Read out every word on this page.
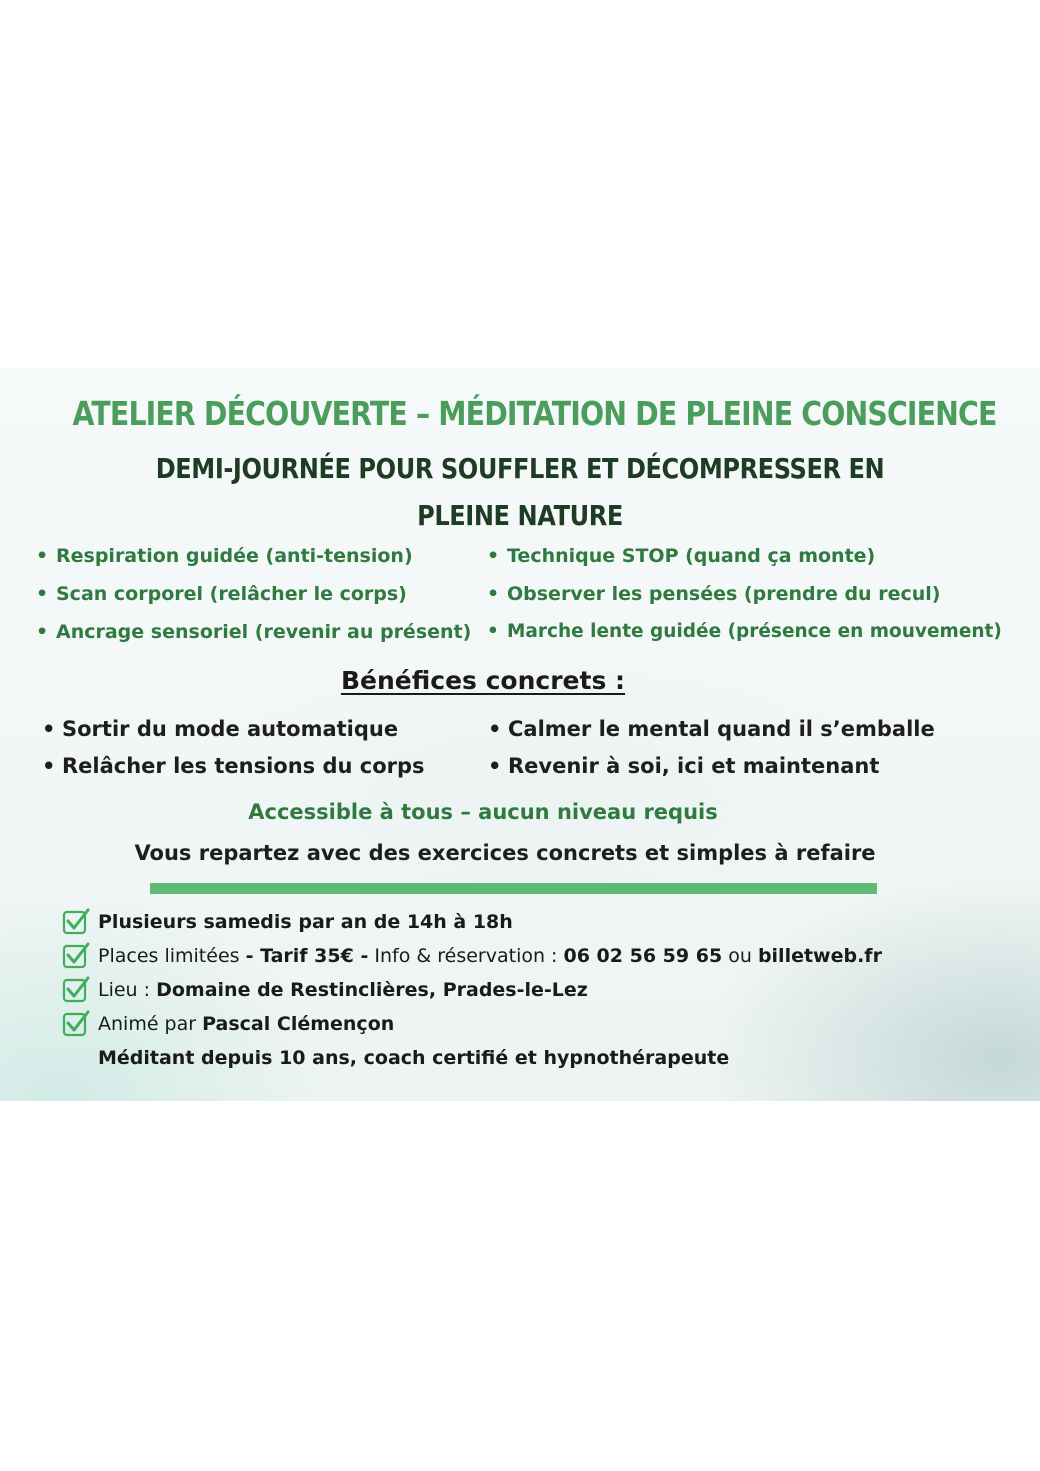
ATELIER DÉCOUVERTE – MÉDITATION DE PLEINE CONSCIENCE
DEMI-JOURNÉE POUR SOUFFLER ET DÉCOMPRESSER EN
PLEINE NATURE
• Respiration guidée (anti-tension)
• Scan corporel (relâcher le corps)
• Ancrage sensoriel (revenir au présent)
• Technique STOP (quand ça monte)
• Observer les pensées (prendre du recul)
• Marche lente guidée (présence en mouvement)
Bénéfices concrets :
• Sortir du mode automatique
• Relâcher les tensions du corps
• Calmer le mental quand il s’emballe
• Revenir à soi, ici et maintenant
Accessible à tous – aucun niveau requis
Vous repartez avec des exercices concrets et simples à refaire
Plusieurs samedis par an de 14h à 18h
Places limitées - Tarif 35€ - Info & réservation : 06 02 56 59 65 ou billetweb.fr
Lieu : Domaine de Restinclières, Prades-le-Lez
Animé par Pascal Clémençon
Méditant depuis 10 ans, coach certifié et hypnothérapeute
